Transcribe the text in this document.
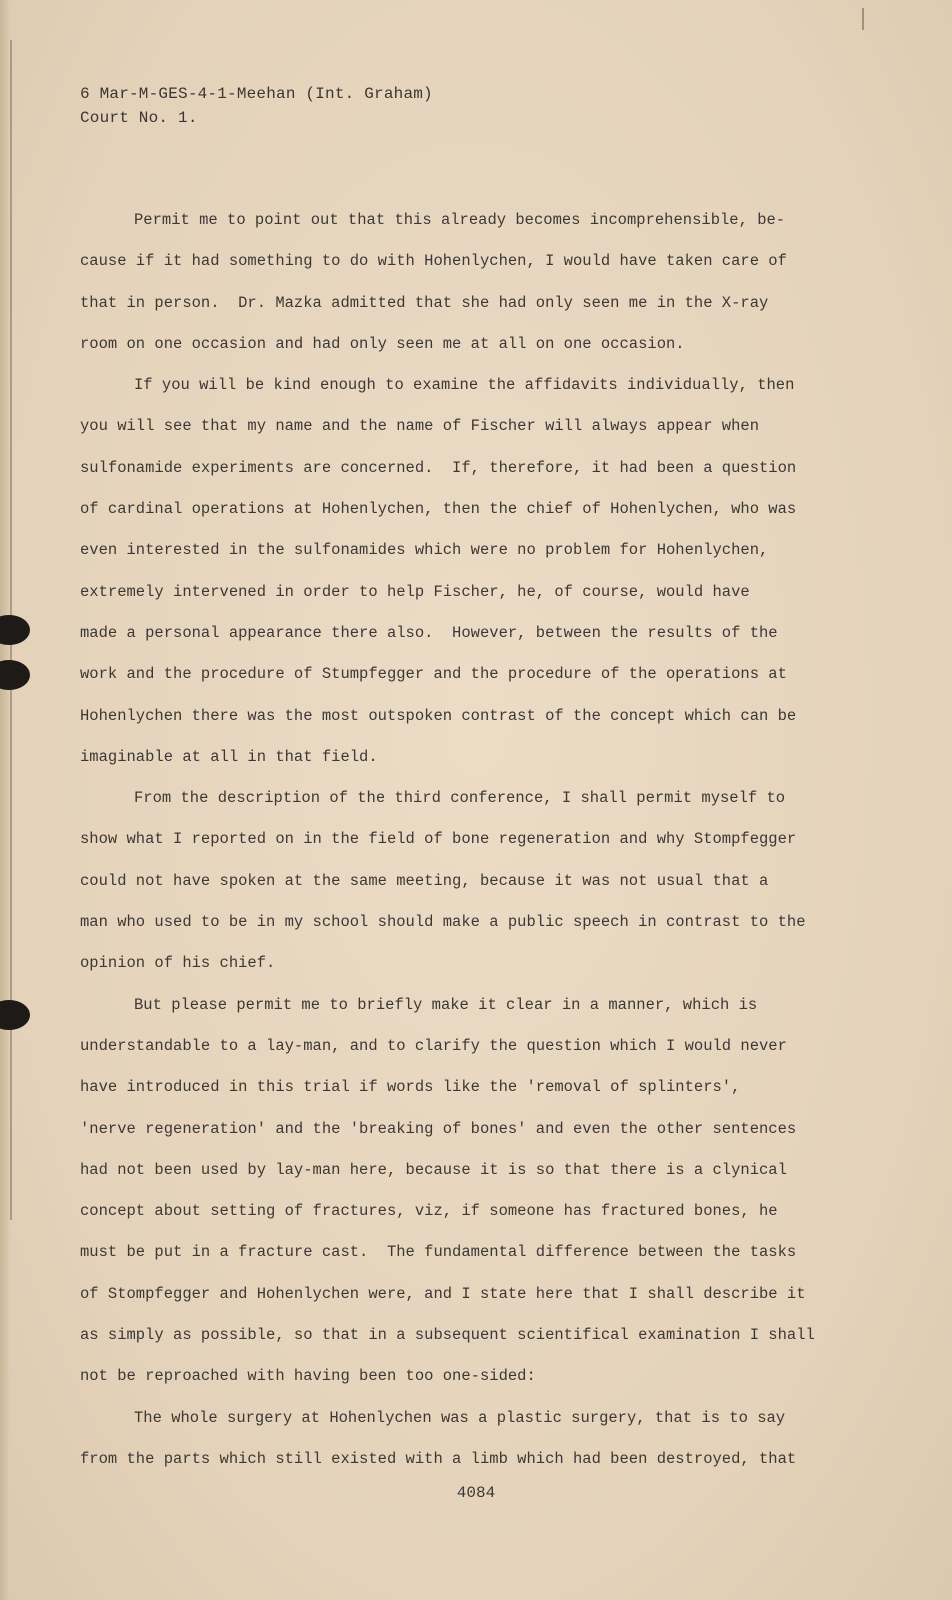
6 Mar-M-GES-4-1-Meehan (Int. Graham)
Court No. 1.
Permit me to point out that this already becomes incomprehensible, be-
cause if it had something to do with Hohenlychen, I would have taken care of
that in person.  Dr. Mazka admitted that she had only seen me in the X-ray
room on one occasion and had only seen me at all on one occasion.
If you will be kind enough to examine the affidavits individually, then
you will see that my name and the name of Fischer will always appear when
sulfonamide experiments are concerned.  If, therefore, it had been a question
of cardinal operations at Hohenlychen, then the chief of Hohenlychen, who was
even interested in the sulfonamides which were no problem for Hohenlychen,
extremely intervened in order to help Fischer, he, of course, would have
made a personal appearance there also.  However, between the results of the
work and the procedure of Stumpfegger and the procedure of the operations at
Hohenlychen there was the most outspoken contrast of the concept which can be
imaginable at all in that field.
From the description of the third conference, I shall permit myself to
show what I reported on in the field of bone regeneration and why Stompfegger
could not have spoken at the same meeting, because it was not usual that a
man who used to be in my school should make a public speech in contrast to the
opinion of his chief.
But please permit me to briefly make it clear in a manner, which is
understandable to a lay-man, and to clarify the question which I would never
have introduced in this trial if words like the 'removal of splinters',
'nerve regeneration' and the 'breaking of bones' and even the other sentences
had not been used by lay-man here, because it is so that there is a clynical
concept about setting of fractures, viz, if someone has fractured bones, he
must be put in a fracture cast.  The fundamental difference between the tasks
of Stompfegger and Hohenlychen were, and I state here that I shall describe it
as simply as possible, so that in a subsequent scientifical examination I shall
not be reproached with having been too one-sided:
The whole surgery at Hohenlychen was a plastic surgery, that is to say
from the parts which still existed with a limb which had been destroyed, that
4084
